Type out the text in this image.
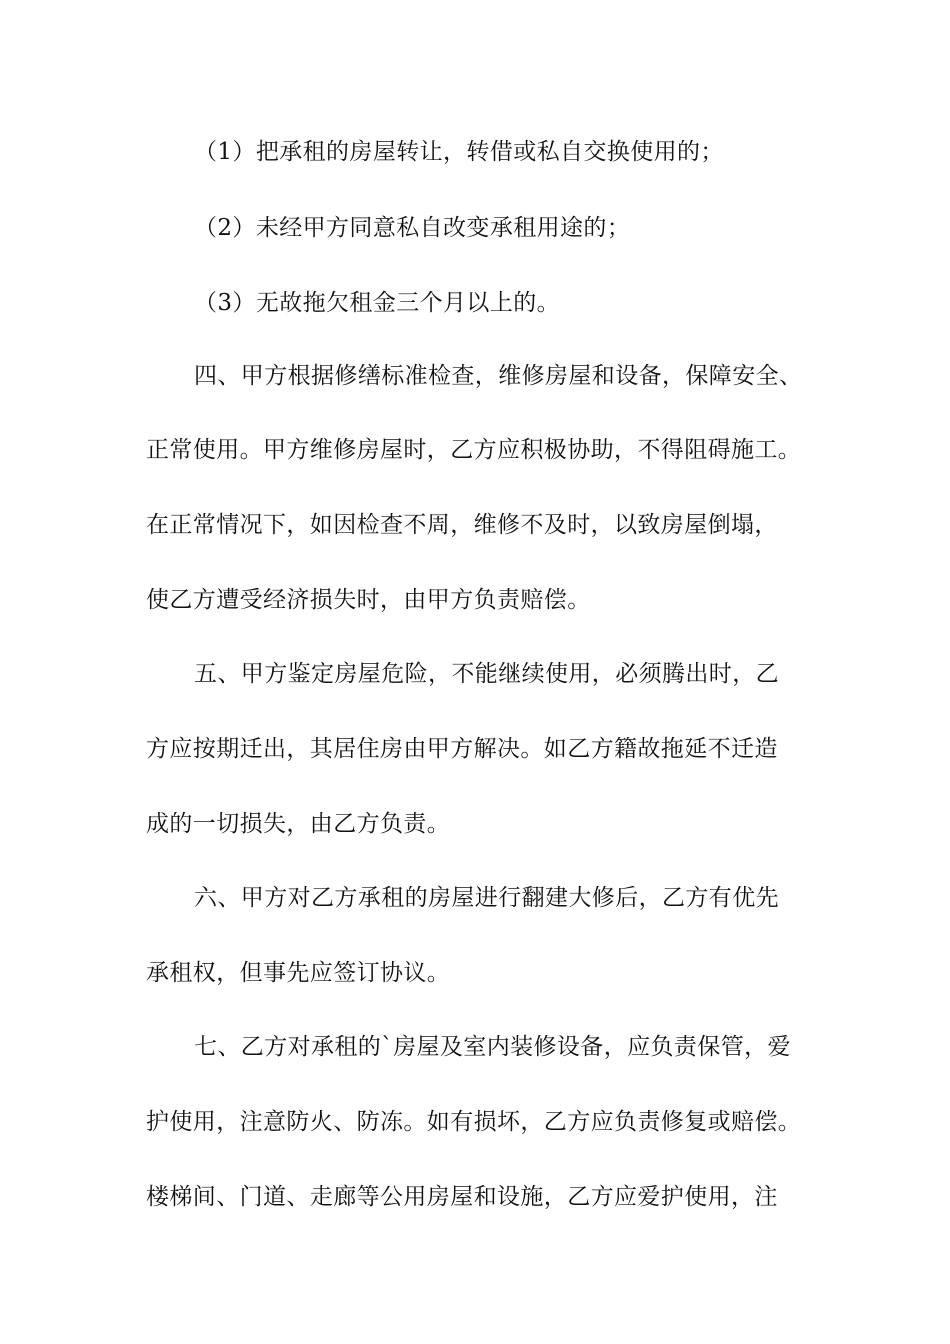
（1）把承租的房屋转让，转借或私自交换使用的；
（2）未经甲方同意私自改变承租用途的；
（3）无故拖欠租金三个月以上的。
四、甲方根据修缮标准检查，维修房屋和设备，保障安全、
正常使用。甲方维修房屋时，乙方应积极协助，不得阻碍施工。
在正常情况下，如因检查不周，维修不及时，以致房屋倒塌，
使乙方遭受经济损失时，由甲方负责赔偿。
五、甲方鉴定房屋危险，不能继续使用，必须腾出时，乙
方应按期迁出，其居住房由甲方解决。如乙方籍故拖延不迁造
成的一切损失，由乙方负责。
六、甲方对乙方承租的房屋进行翻建大修后，乙方有优先
承租权，但事先应签订协议。
七、乙方对承租的`房屋及室内装修设备，应负责保管，爱
护使用，注意防火、防冻。如有损坏，乙方应负责修复或赔偿。
楼梯间、门道、走廊等公用房屋和设施，乙方应爱护使用，注
